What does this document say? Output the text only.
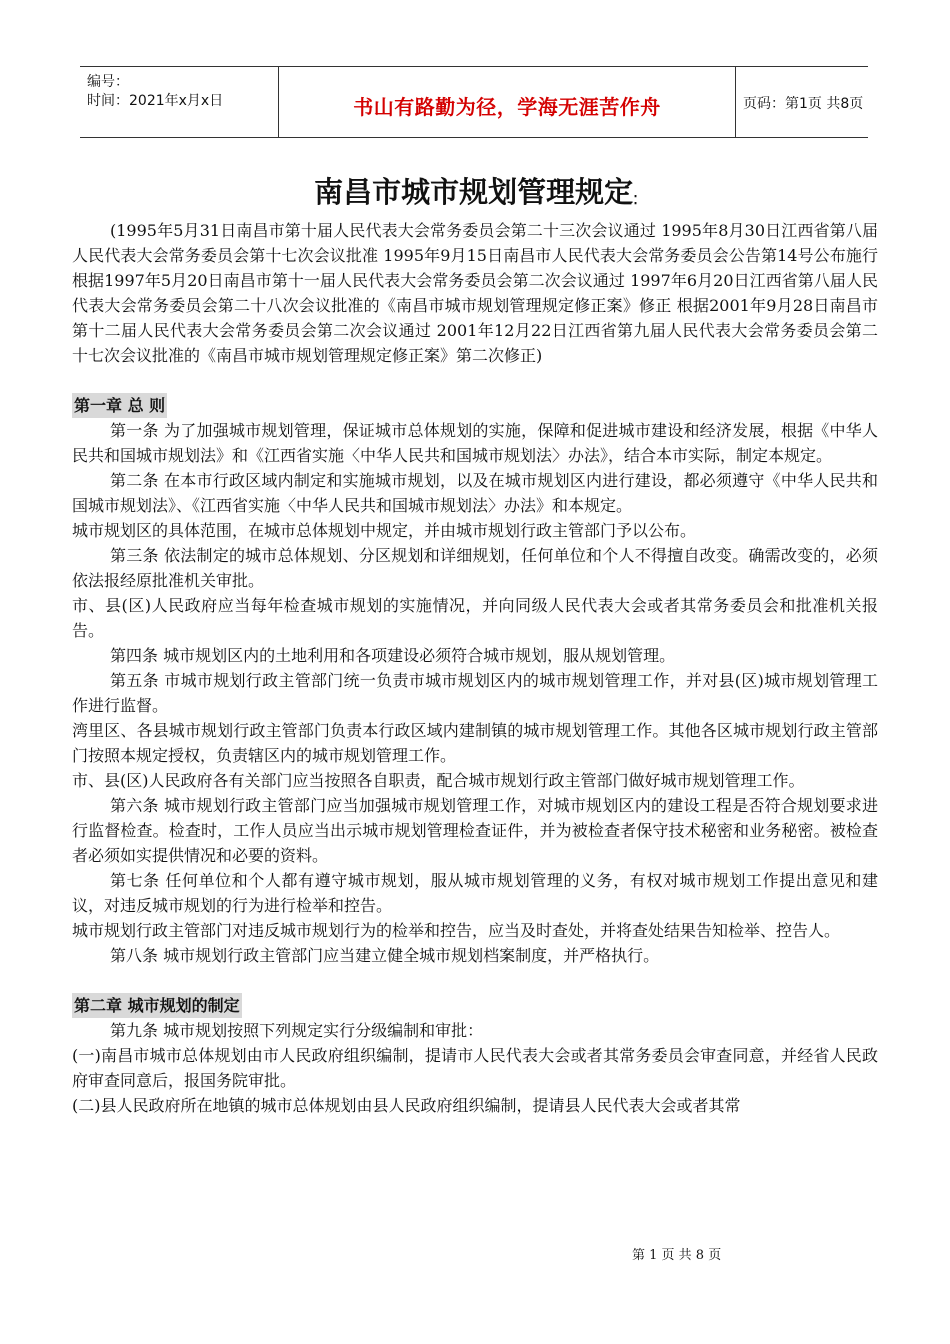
编号：
时间：2021年x月x日	书山有路勤为径，学海无涯苦作舟	页码：第1页 共8页
南昌市城市规划管理规定∶

(1995年5月31日南昌市第十届人民代表大会常务委员会第二十三次会议通过 1995年8月30日江西省第八届人民代表大会常务委员会第十七次会议批准 1995年9月15日南昌市人民代表大会常务委员会公告第14号公布施行 根据1997年5月20日南昌市第十一届人民代表大会常务委员会第二次会议通过 1997年6月20日江西省第八届人民代表大会常务委员会第二十八次会议批准的《南昌市城市规划管理规定修正案》修正 根据2001年9月28日南昌市第十二届人民代表大会常务委员会第二次会议通过 2001年12月22日江西省第九届人民代表大会常务委员会第二十七次会议批准的《南昌市城市规划管理规定修正案》第二次修正)

第一章 总 则

第一条 为了加强城市规划管理，保证城市总体规划的实施，保障和促进城市建设和经济发展，根据《中华人民共和国城市规划法》和《江西省实施〈中华人民共和国城市规划法〉办法》，结合本市实际，制定本规定。

第二条 在本市行政区域内制定和实施城市规划，以及在城市规划区内进行建设，都必须遵守《中华人民共和国城市规划法》、《江西省实施〈中华人民共和国城市规划法〉办法》和本规定。

城市规划区的具体范围，在城市总体规划中规定，并由城市规划行政主管部门予以公布。

第三条 依法制定的城市总体规划、分区规划和详细规划，任何单位和个人不得擅自改变。确需改变的，必须依法报经原批准机关审批。

市、县(区)人民政府应当每年检查城市规划的实施情况，并向同级人民代表大会或者其常务委员会和批准机关报告。

第四条 城市规划区内的土地利用和各项建设必须符合城市规划，服从规划管理。

第五条 市城市规划行政主管部门统一负责市城市规划区内的城市规划管理工作，并对县(区)城市规划管理工作进行监督。

湾里区、各县城市规划行政主管部门负责本行政区域内建制镇的城市规划管理工作。其他各区城市规划行政主管部门按照本规定授权，负责辖区内的城市规划管理工作。

市、县(区)人民政府各有关部门应当按照各自职责，配合城市规划行政主管部门做好城市规划管理工作。

第六条 城市规划行政主管部门应当加强城市规划管理工作，对城市规划区内的建设工程是否符合规划要求进行监督检查。检查时，工作人员应当出示城市规划管理检查证件，并为被检查者保守技术秘密和业务秘密。被检查者必须如实提供情况和必要的资料。

第七条 任何单位和个人都有遵守城市规划，服从城市规划管理的义务，有权对城市规划工作提出意见和建议，对违反城市规划的行为进行检举和控告。

城市规划行政主管部门对违反城市规划行为的检举和控告，应当及时查处，并将查处结果告知检举、控告人。

第八条 城市规划行政主管部门应当建立健全城市规划档案制度，并严格执行。

第二章 城市规划的制定

第九条 城市规划按照下列规定实行分级编制和审批：

(一)南昌市城市总体规划由市人民政府组织编制，提请市人民代表大会或者其常务委员会审查同意，并经省人民政府审查同意后，报国务院审批。

(二)县人民政府所在地镇的城市总体规划由县人民政府组织编制，提请县人民代表大会或者其常

第 1 页 共 8 页
